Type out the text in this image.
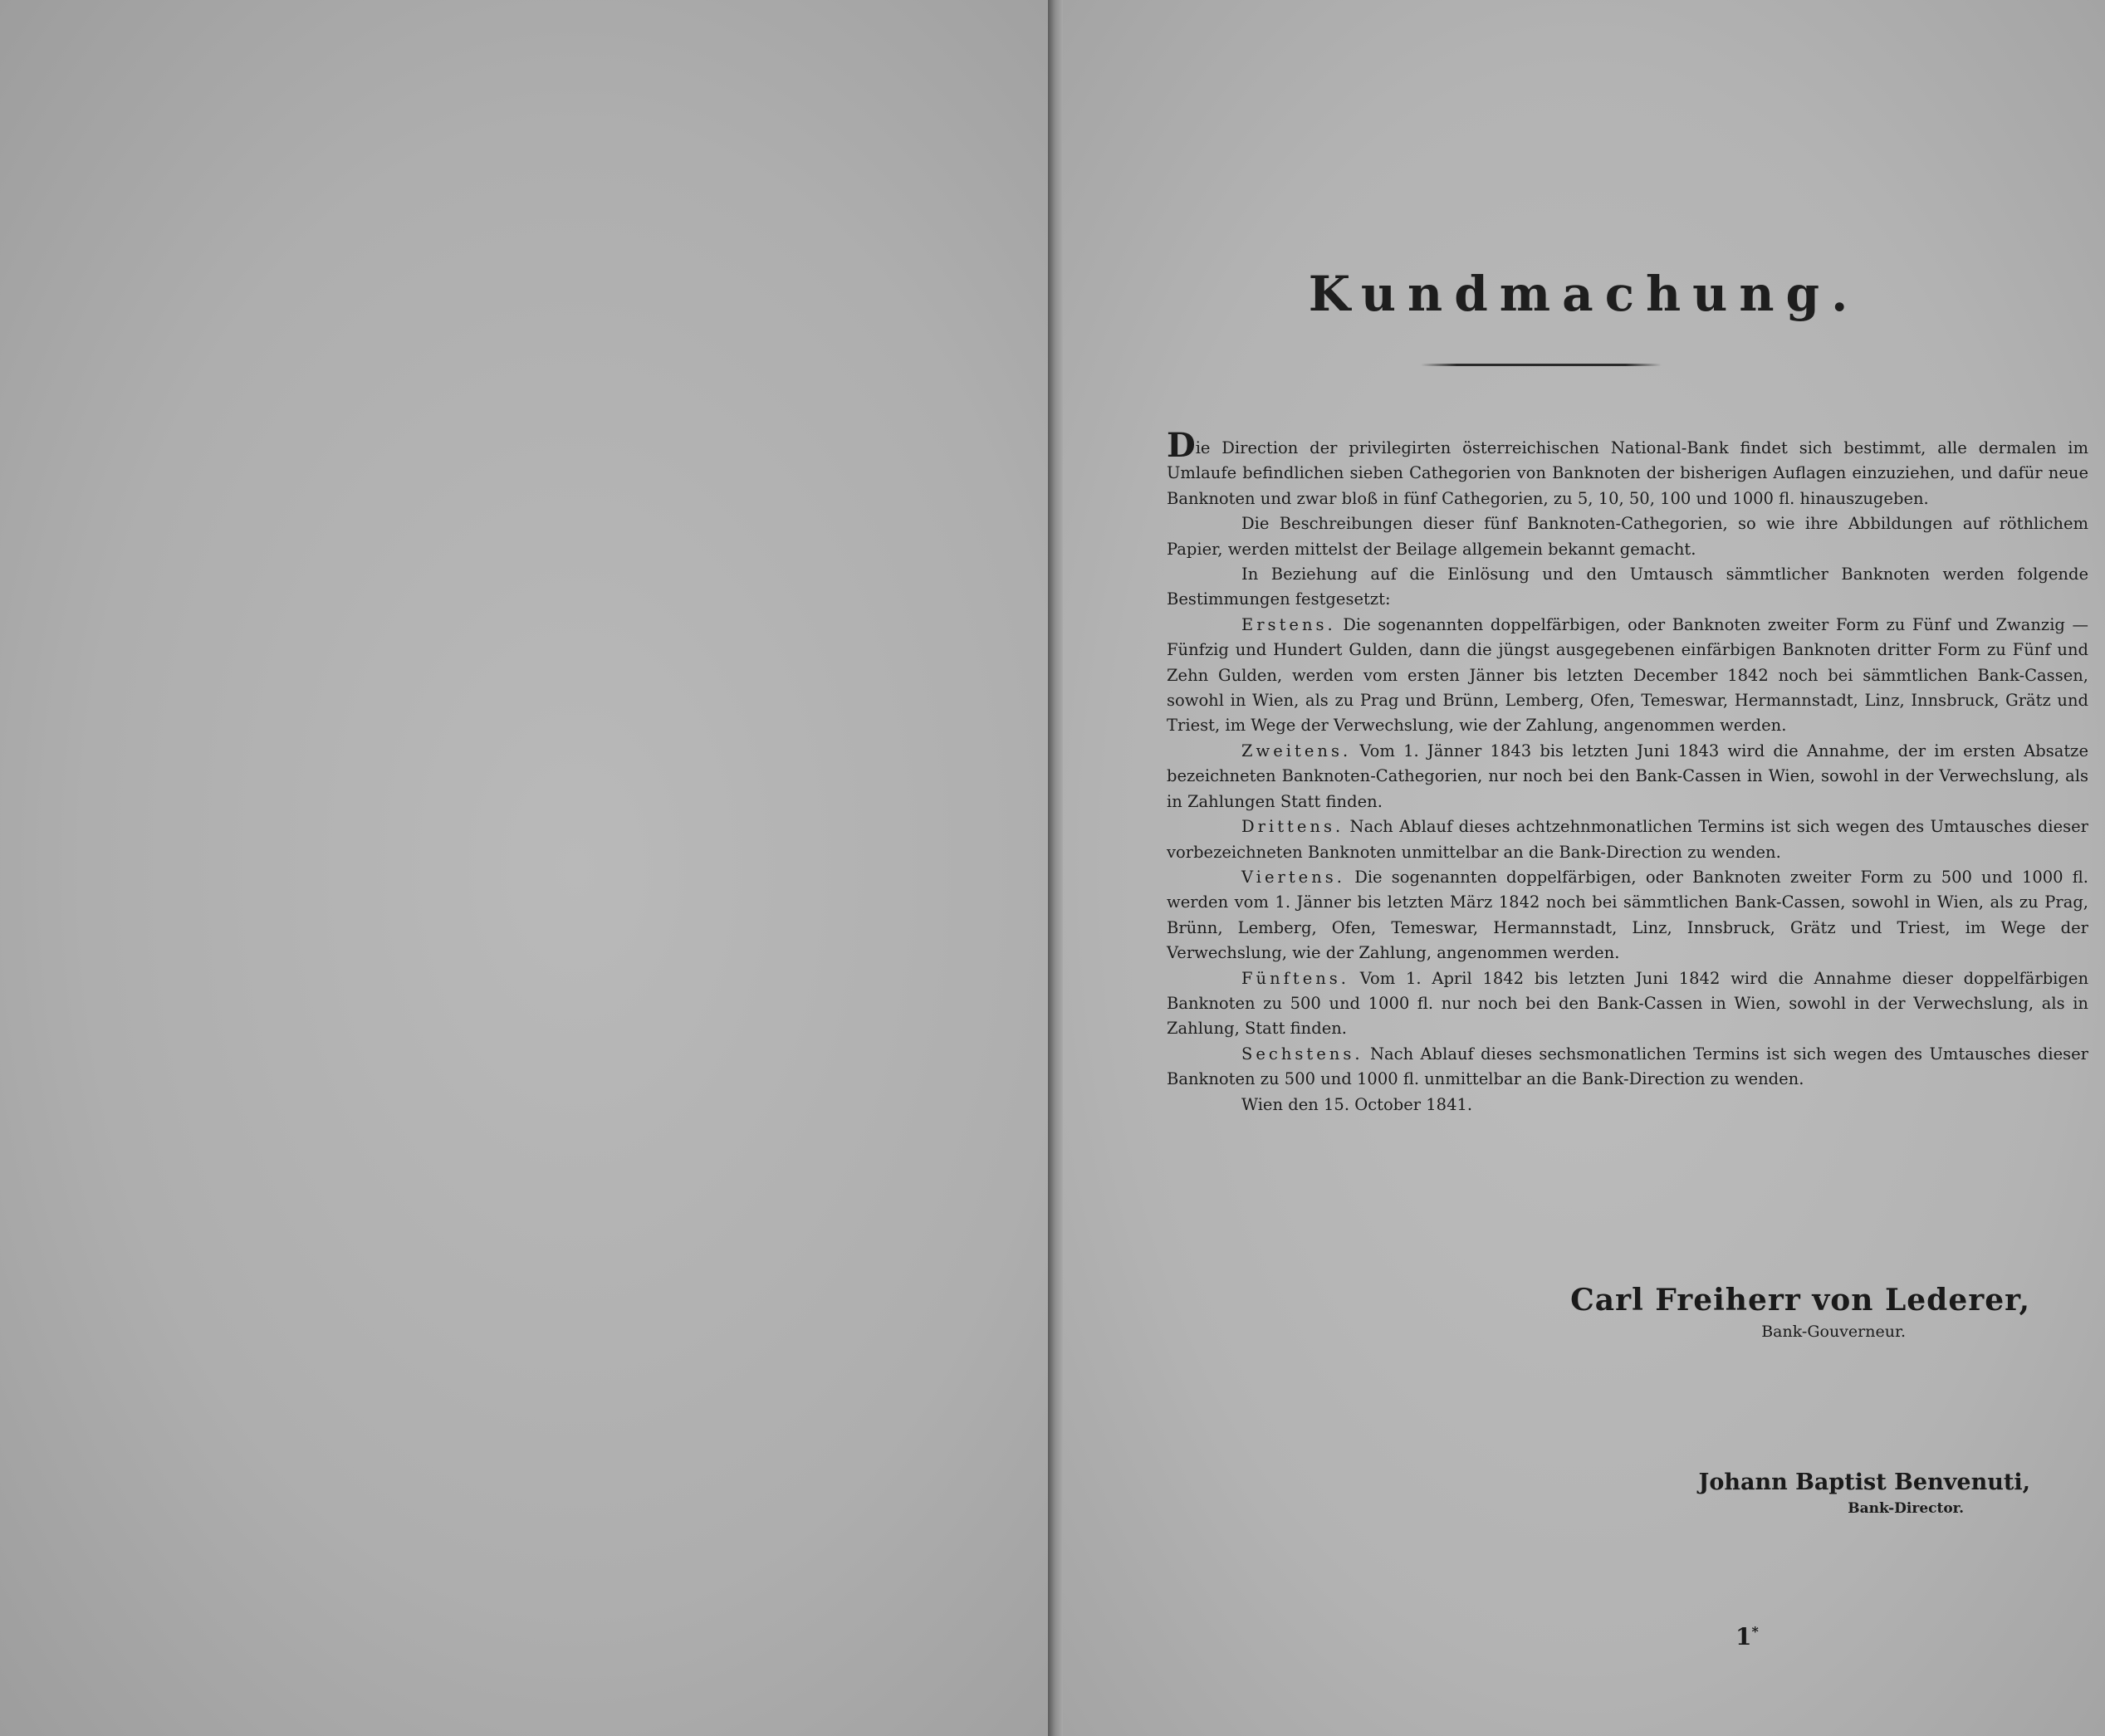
Kundmachung.

Die Direction der privilegirten österreichischen National-Bank findet sich bestimmt, alle dermalen im Umlaufe befindlichen sieben Cathegorien von Banknoten der bisherigen Auflagen einzuziehen, und dafür neue Banknoten und zwar bloß in fünf Cathegorien, zu 5, 10, 50, 100 und 1000 fl. hinauszugeben.

Die Beschreibungen dieser fünf Banknoten-Cathegorien, so wie ihre Abbildungen auf röthlichem Papier, werden mittelst der Beilage allgemein bekannt gemacht.

In Beziehung auf die Einlösung und den Umtausch sämmtlicher Banknoten werden folgende Bestimmungen festgesetzt:

Erstens. Die sogenannten doppelfärbigen, oder Banknoten zweiter Form zu Fünf und Zwanzig — Fünfzig und Hundert Gulden, dann die jüngst ausgegebenen einfärbigen Banknoten dritter Form zu Fünf und Zehn Gulden, werden vom ersten Jänner bis letzten December 1842 noch bei sämmtlichen Bank-Cassen, sowohl in Wien, als zu Prag und Brünn, Lemberg, Ofen, Temeswar, Hermannstadt, Linz, Innsbruck, Grätz und Triest, im Wege der Verwechslung, wie der Zahlung, angenommen werden.

Zweitens. Vom 1. Jänner 1843 bis letzten Juni 1843 wird die Annahme, der im ersten Absatze bezeichneten Banknoten-Cathegorien, nur noch bei den Bank-Cassen in Wien, sowohl in der Verwechslung, als in Zahlungen Statt finden.

Drittens. Nach Ablauf dieses achtzehnmonatlichen Termins ist sich wegen des Umtausches dieser vorbezeichneten Banknoten unmittelbar an die Bank-Direction zu wenden.

Viertens. Die sogenannten doppelfärbigen, oder Banknoten zweiter Form zu 500 und 1000 fl. werden vom 1. Jänner bis letzten März 1842 noch bei sämmtlichen Bank-Cassen, sowohl in Wien, als zu Prag, Brünn, Lemberg, Ofen, Temeswar, Hermannstadt, Linz, Innsbruck, Grätz und Triest, im Wege der Verwechslung, wie der Zahlung, angenommen werden.

Fünftens. Vom 1. April 1842 bis letzten Juni 1842 wird die Annahme dieser doppelfärbigen Banknoten zu 500 und 1000 fl. nur noch bei den Bank-Cassen in Wien, sowohl in der Verwechslung, als in Zahlung, Statt finden.

Sechstens. Nach Ablauf dieses sechsmonatlichen Termins ist sich wegen des Umtausches dieser Banknoten zu 500 und 1000 fl. unmittelbar an die Bank-Direction zu wenden.

Wien den 15. October 1841.

Carl Freiherr von Lederer,
Bank-Gouverneur.
Johann Baptist Benvenuti,
Bank-Director.
1*
